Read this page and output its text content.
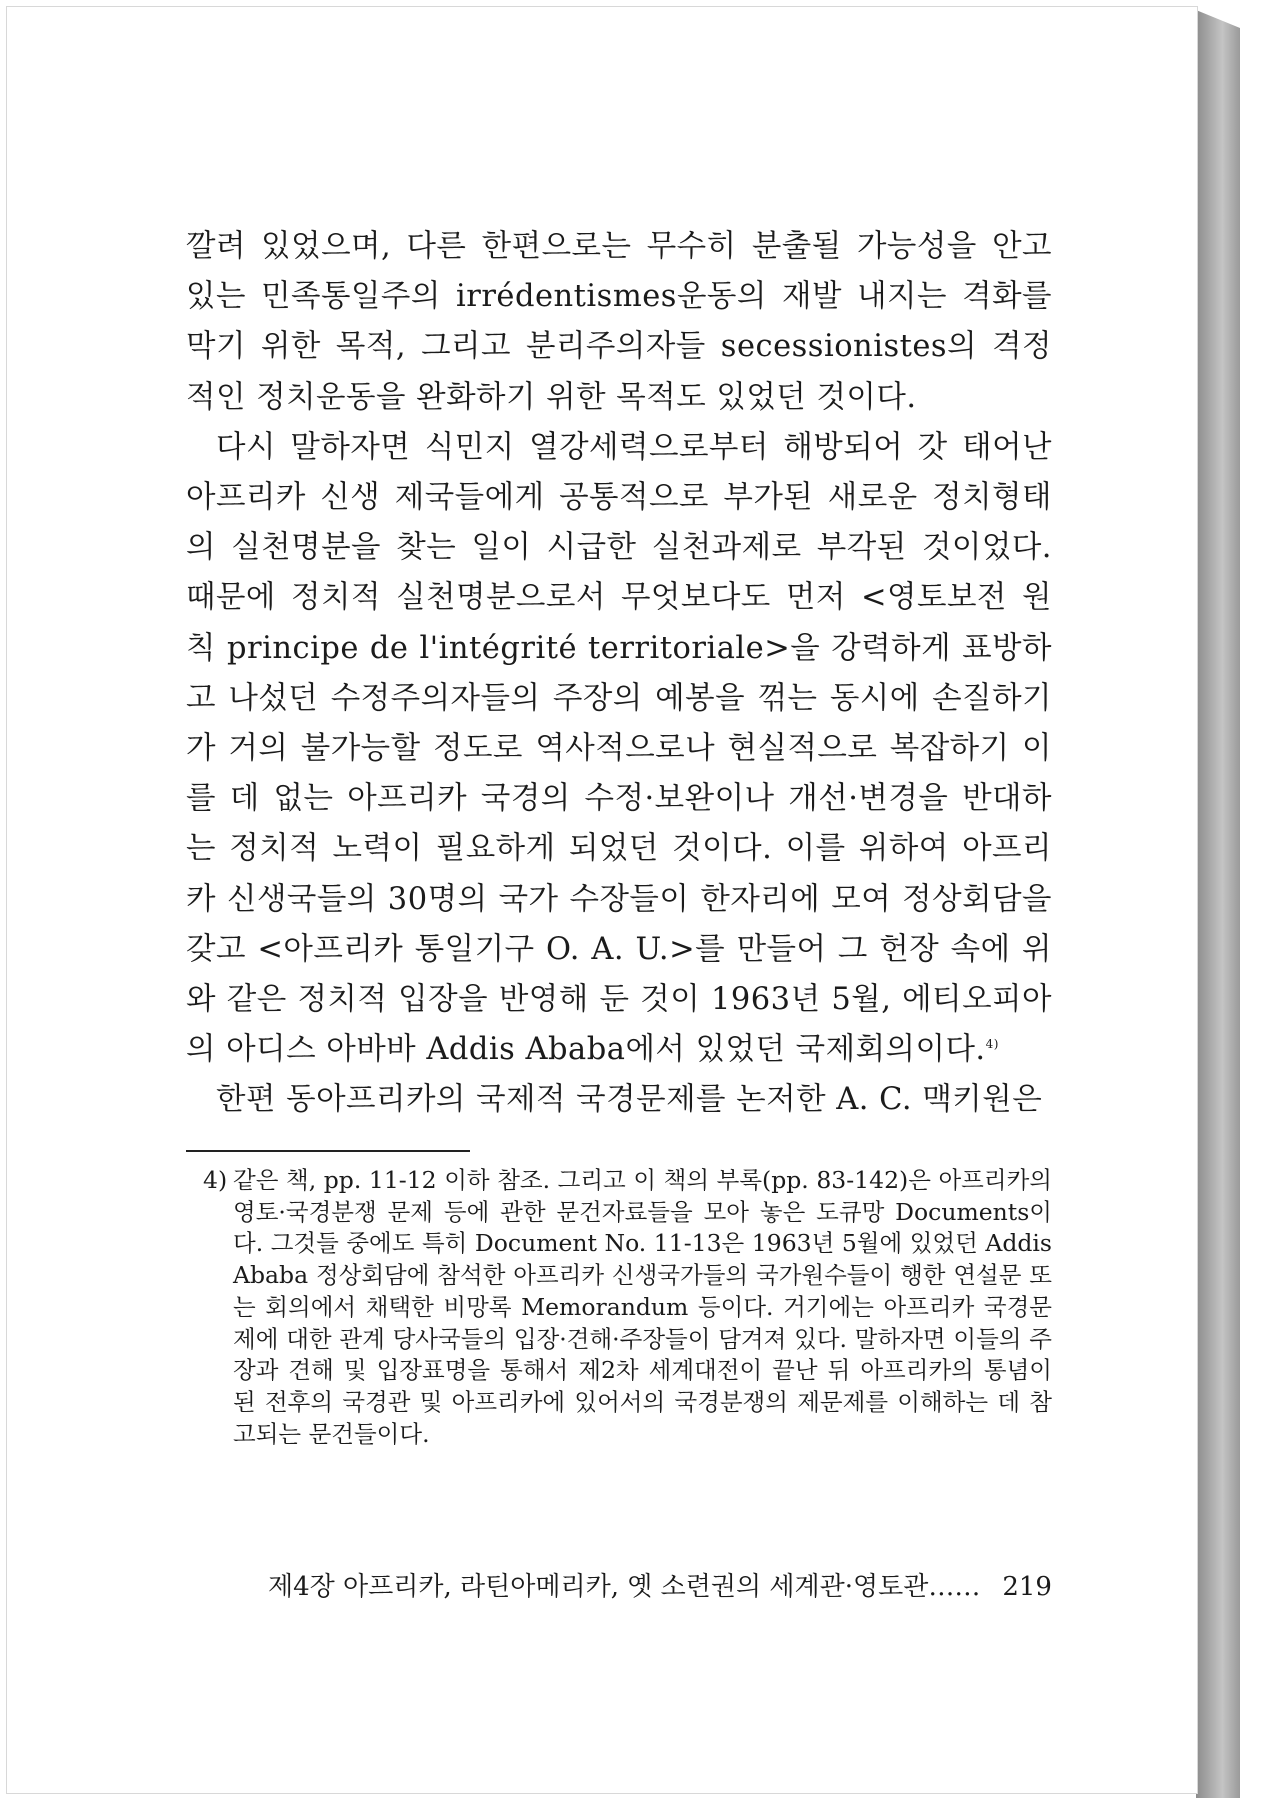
깔려 있었으며, 다른 한편으로는 무수히 분출될 가능성을 안고 있는 민족통일주의 irrédentismes운동의 재발 내지는 격화를 막기 위한 목적, 그리고 분리주의자들 secessionistes의 격정적인 정치운동을 완화하기 위한 목적도 있었던 것이다.

다시 말하자면 식민지 열강세력으로부터 해방되어 갓 태어난 아프리카 신생 제국들에게 공통적으로 부가된 새로운 정치형태의 실천명분을 찾는 일이 시급한 실천과제로 부각된 것이었다. 때문에 정치적 실천명분으로서 무엇보다도 먼저 <영토보전 원칙 principe de l'intégrité territoriale>을 강력하게 표방하고 나섰던 수정주의자들의 주장의 예봉을 꺾는 동시에 손질하기가 거의 불가능할 정도로 역사적으로나 현실적으로 복잡하기 이를 데 없는 아프리카 국경의 수정·보완이나 개선·변경을 반대하는 정치적 노력이 필요하게 되었던 것이다. 이를 위하여 아프리카 신생국들의 30명의 국가 수장들이 한자리에 모여 정상회담을 갖고 <아프리카 통일기구 O. A. U.>를 만들어 그 헌장 속에 위와 같은 정치적 입장을 반영해 둔 것이 1963년 5월, 에티오피아의 아디스 아바바 Addis Ababa에서 있었던 국제회의이다.$^{4)}$

한편 동아프리카의 국제적 국경문제를 논저한 A. C. 맥키원은

4) 같은 책, pp. 11-12 이하 참조. 그리고 이 책의 부록(pp. 83-142)은 아프리카의 영토·국경분쟁 문제 등에 관한 문건자료들을 모아 놓은 도큐망 Documents이다. 그것들 중에도 특히 Document No. 11-13은 1963년 5월에 있었던 Addis Ababa 정상회담에 참석한 아프리카 신생국가들의 국가원수들이 행한 연설문 또는 회의에서 채택한 비망록 Memorandum 등이다. 거기에는 아프리카 국경문제에 대한 관계 당사국들의 입장·견해·주장들이 담겨져 있다. 말하자면 이들의 주장과 견해 및 입장표명을 통해서 제2차 세계대전이 끝난 뒤 아프리카의 통념이 된 전후의 국경관 및 아프리카에 있어서의 국경분쟁의 제문제를 이해하는 데 참고되는 문건들이다.
제4장 아프리카, 라틴아메리카, 옛 소련권의 세계관·영토관…… 219
